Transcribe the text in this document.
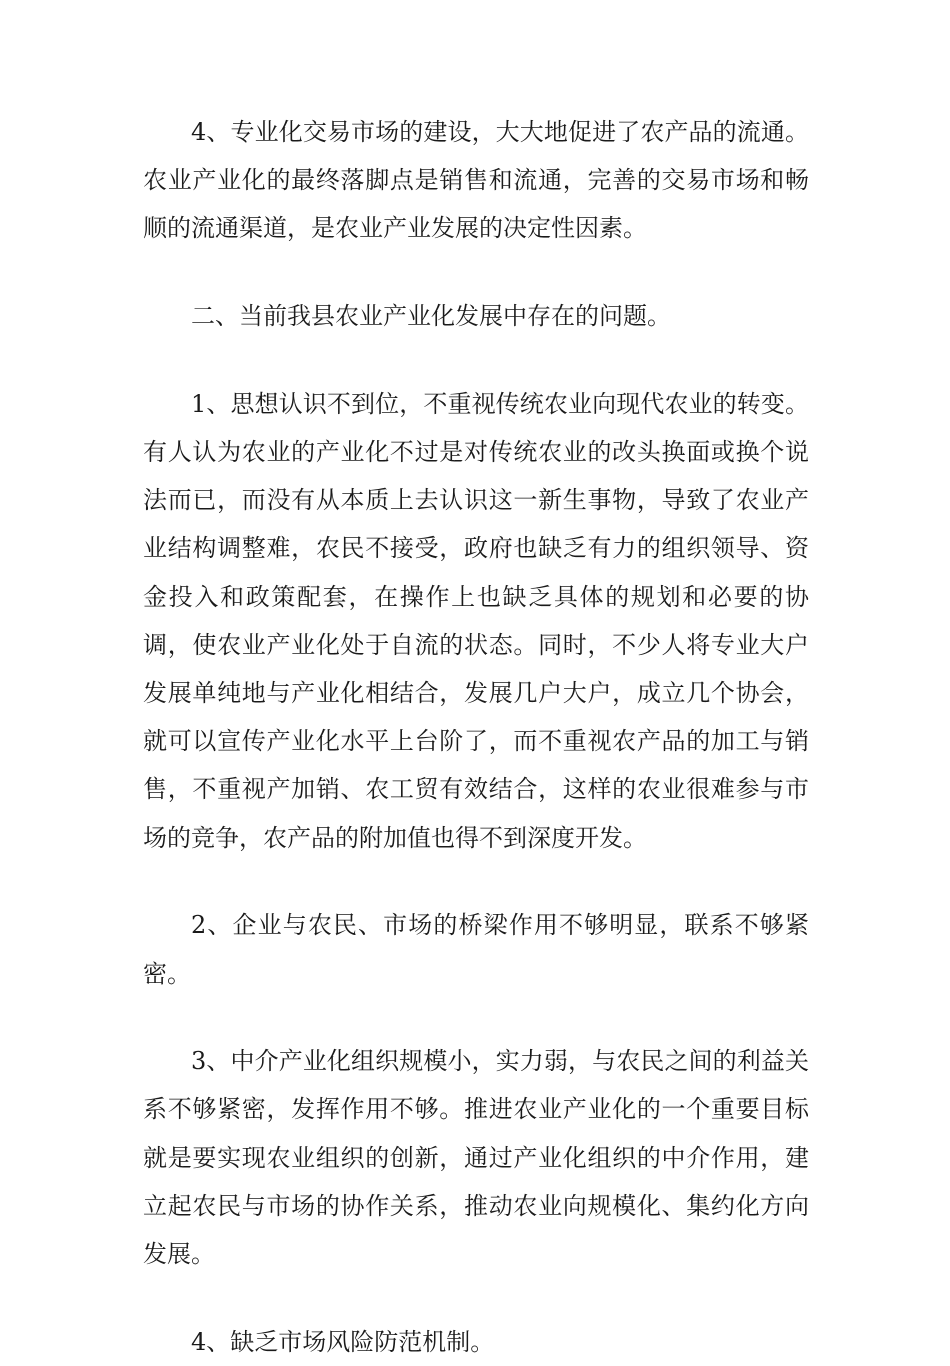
4、专业化交易市场的建设，大大地促进了农产品的流通。农业产业化的最终落脚点是销售和流通，完善的交易市场和畅顺的流通渠道，是农业产业发展的决定性因素。

二、当前我县农业产业化发展中存在的问题。

1、思想认识不到位，不重视传统农业向现代农业的转变。有人认为农业的产业化不过是对传统农业的改头换面或换个说法而已，而没有从本质上去认识这一新生事物，导致了农业产业结构调整难，农民不接受，政府也缺乏有力的组织领导、资金投入和政策配套，在操作上也缺乏具体的规划和必要的协调，使农业产业化处于自流的状态。同时，不少人将专业大户发展单纯地与产业化相结合，发展几户大户，成立几个协会，就可以宣传产业化水平上台阶了，而不重视农产品的加工与销售，不重视产加销、农工贸有效结合，这样的农业很难参与市场的竞争，农产品的附加值也得不到深度开发。

2、企业与农民、市场的桥梁作用不够明显，联系不够紧密。

3、中介产业化组织规模小，实力弱，与农民之间的利益关系不够紧密，发挥作用不够。推进农业产业化的一个重要目标就是要实现农业组织的创新，通过产业化组织的中介作用，建立起农民与市场的协作关系，推动农业向规模化、集约化方向发展。

4、缺乏市场风险防范机制。
